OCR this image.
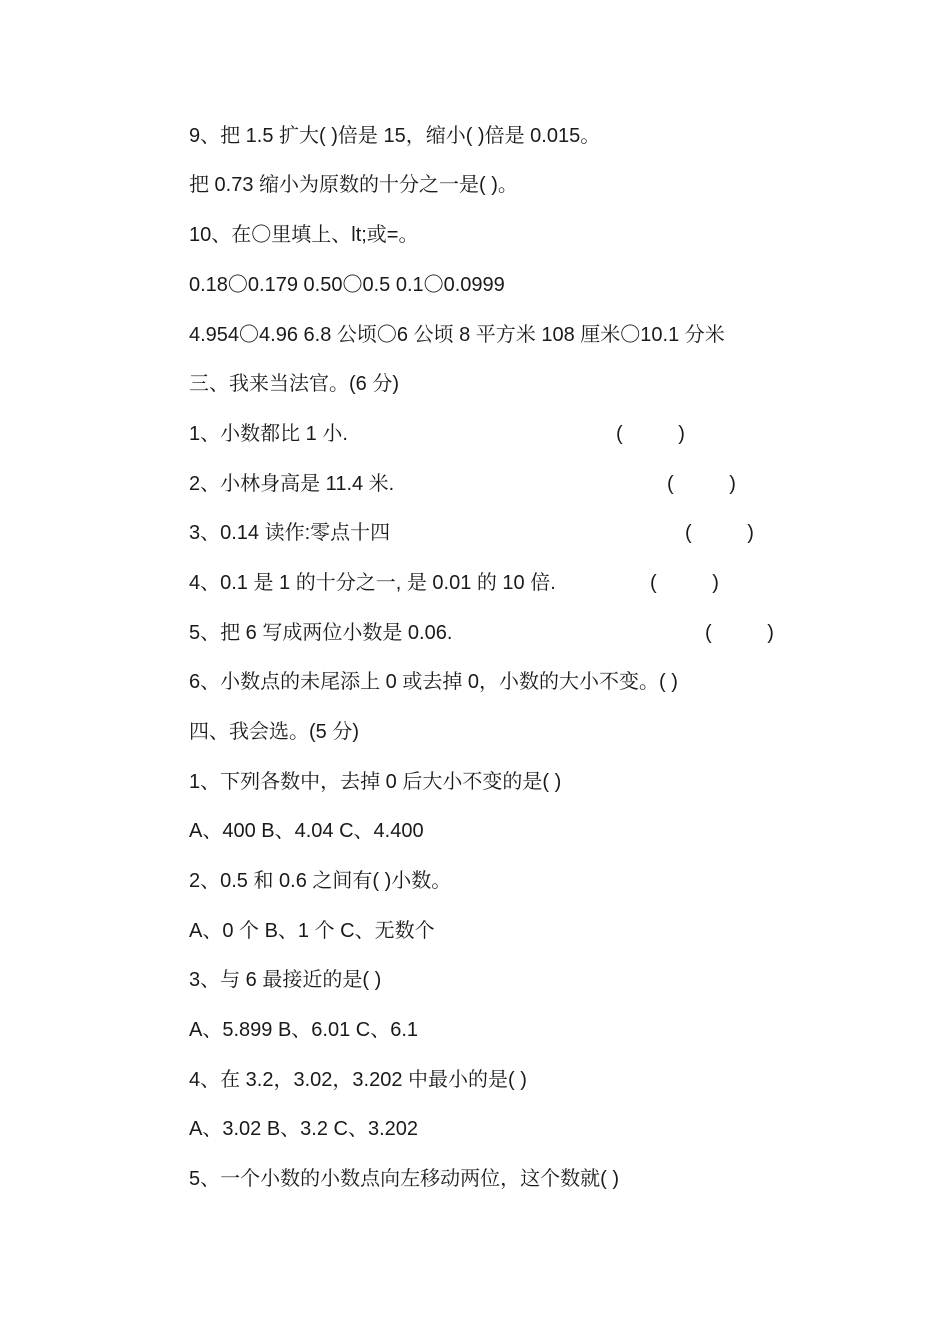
9、把 1.5 扩大( )倍是 15，缩小( )倍是 0.015。
把 0.73 缩小为原数的十分之一是( )。
10、在〇里填上、lt;或=。
0.18〇0.179 0.50〇0.5 0.1〇0.0999
4.954〇4.96 6.8 公顷〇6 公顷 8 平方米 108 厘米〇10.1 分米
三、我来当法官。(6 分)
1、小数都比 1 小.	(          )
2、小林身高是 11.4 米.	(          )
3、0.14 读作:零点十四	(          )
4、0.1 是 1 的十分之一, 是 0.01 的 10 倍.	(          )
5、把 6 写成两位小数是 0.06.	(          )
6、小数点的未尾添上 0 或去掉 0，小数的大小不变。( )
四、我会选。(5 分)
1、下列各数中，去掉 0 后大小不变的是( )
A、400 B、4.04 C、4.400
2、0.5 和 0.6 之间有( )小数。
A、0 个 B、1 个 C、无数个
3、与 6 最接近的是( )
A、5.899 B、6.01 C、6.1
4、在 3.2，3.02，3.202 中最小的是( )
A、3.02 B、3.2 C、3.202
5、一个小数的小数点向左移动两位，这个数就( )
